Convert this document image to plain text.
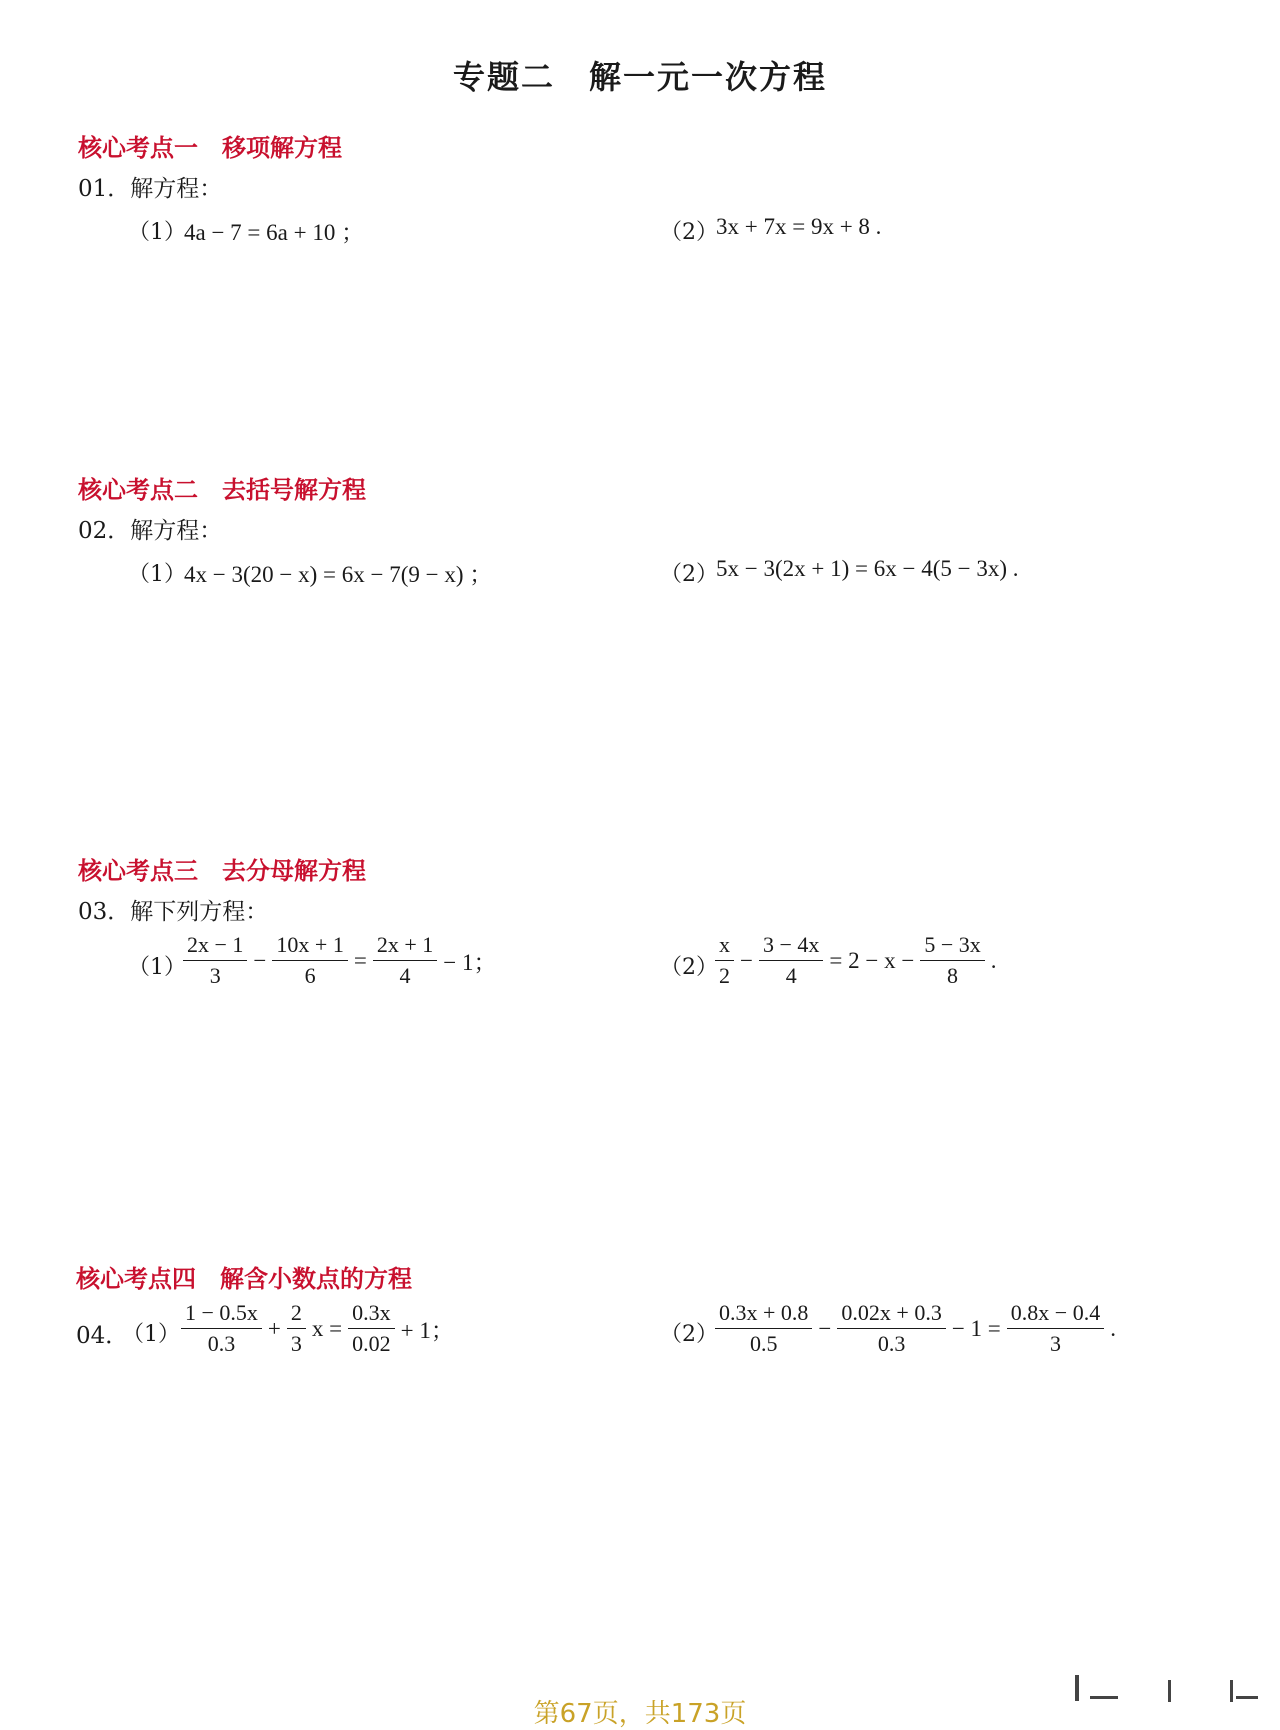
专题二　解一元一次方程
核心考点一　移项解方程
01．解方程：
（1）
4a − 7 = 6a + 10 ；	（2）
3x + 7x = 9x + 8 .
核心考点二　去括号解方程
02．解方程：
（1）
4x − 3(20 − x) = 6x − 7(9 − x) ；	（2）
5x − 3(2x + 1) = 6x − 4(5 − 3x) .
核心考点三　去分母解方程
03．解下列方程：
（1）
$\frac{2x - 1}{3} - \frac{10x + 1}{6} = \frac{2x + 1}{4} - 1$；	（2）
$\frac{x}{2} - \frac{3 - 4x}{4} = 2 - x - \frac{5 - 3x}{8}$ .
核心考点四　解含小数点的方程
04．
$(1) \frac{1 - 0.5x}{0.3} + \frac{2}{3}$ $x = \frac{0.3x}{0.02} + 1$；	（2）
$\frac{0.3x + 0.8}{0.5} - \frac{0.02x + 0.3}{0.3} - 1 = \frac{0.8x - 0.4}{3}$ .
第67页，共173页
